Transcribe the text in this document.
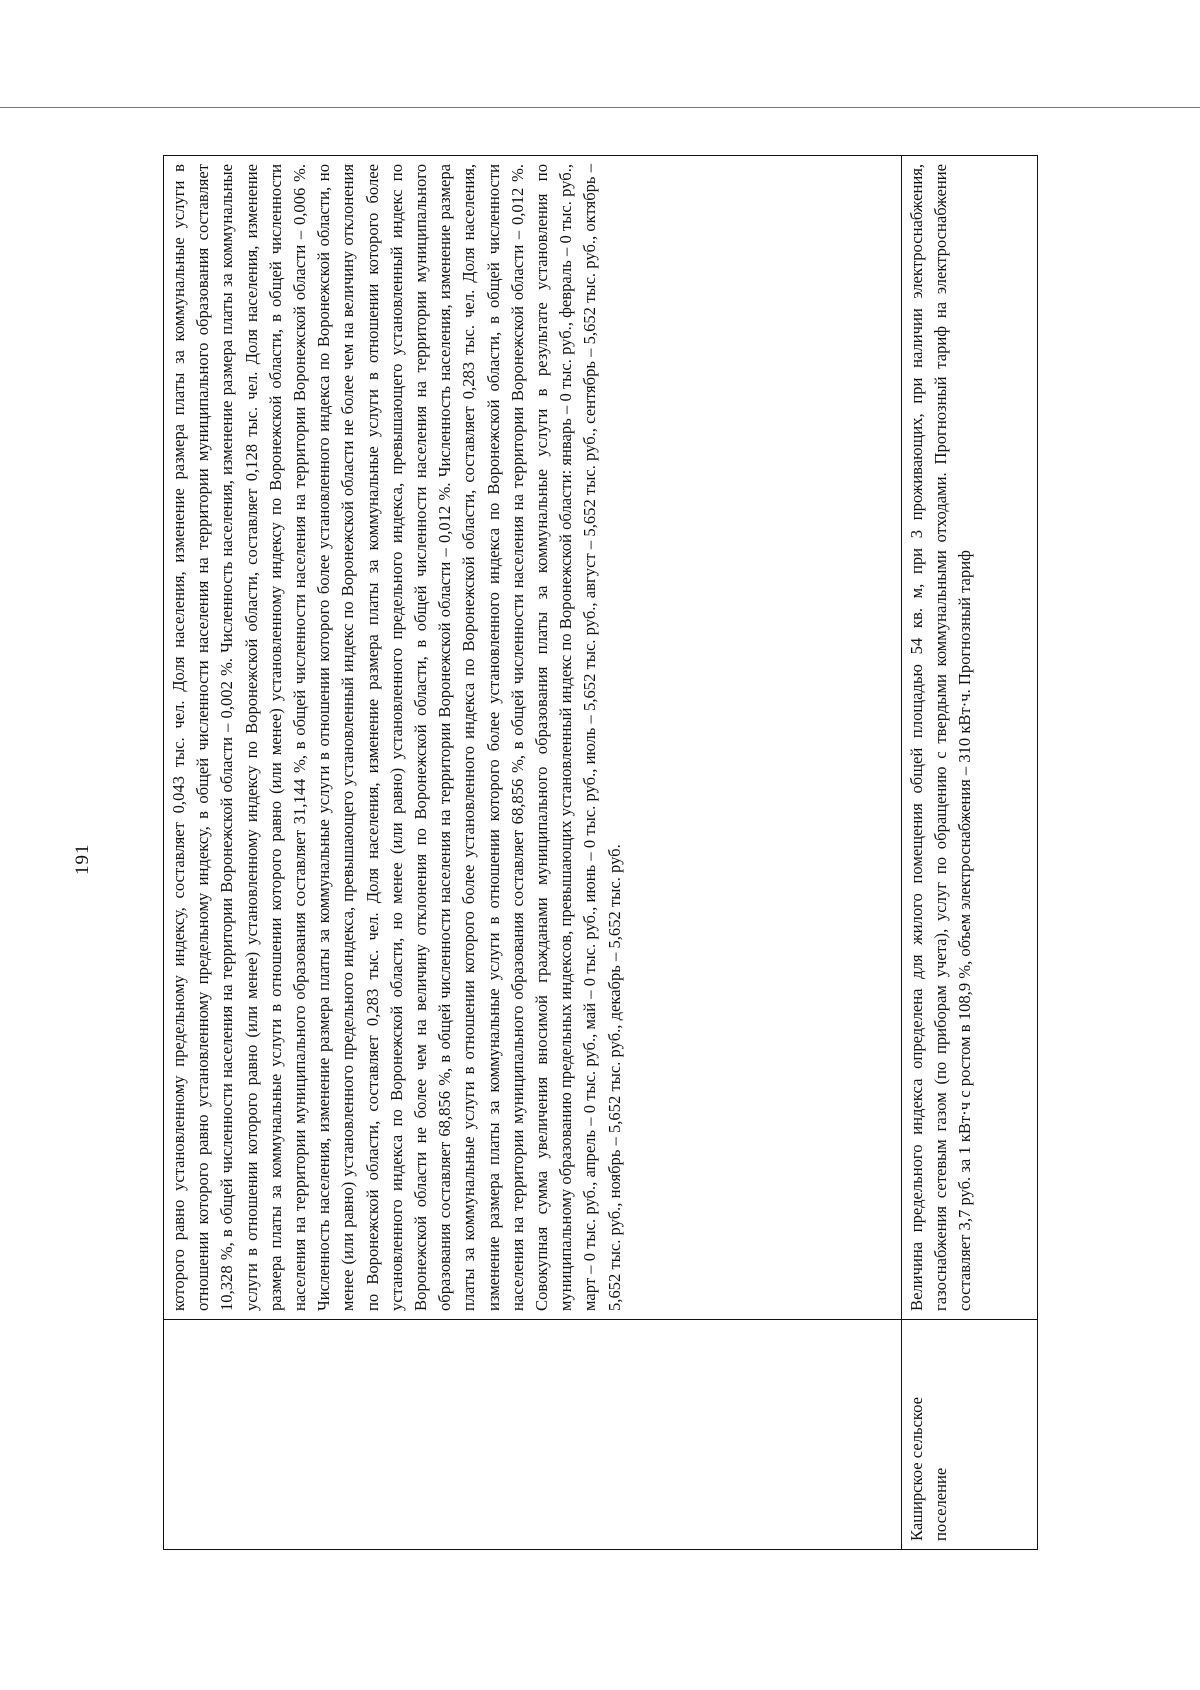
191
		которого равно установленному предельному индексу, составляет 0,043 тыс. чел. Доля населения, изменение размера платы за коммунальные услуги в отношении которого равно установленному предельному индексу, в общей численности населения на территории муниципального образования составляет 10,328 %, в общей численности населения на территории Воронежской области – 0,002 %. Численность населения, изменение размера платы за коммунальные услуги в отношении которого равно (или менее) установленному индексу по Воронежской области, составляет 0,128 тыс. чел. Доля населения, изменение размера платы за коммунальные услуги в отношении которого равно (или менее) установленному индексу по Воронежской области, в общей численности населения на территории муниципального образования составляет 31,144 %, в общей численности населения на территории Воронежской области – 0,006 %. Численность населения, изменение размера платы за коммунальные услуги в отношении которого более установленного индекса по Воронежской области, но менее (или равно) установленного предельного индекса, превышающего установленный индекс по Воронежской области не более чем на величину отклонения по Воронежской области, составляет 0,283 тыс. чел. Доля населения, изменение размера платы за коммунальные услуги в отношении которого более установленного индекса по Воронежской области, но менее (или равно) установленного предельного индекса, превышающего установленный индекс по Воронежской области не более чем на величину отклонения по Воронежской области, в общей численности населения на территории муниципального образования составляет 68,856 %, в общей численности населения на территории Воронежской области – 0,012 %. Численность населения, изменение размера платы за коммунальные услуги в отношении которого более установленного индекса по Воронежской области, составляет 0,283 тыс. чел. Доля населения, изменение размера платы за коммунальные услуги в отношении которого более установленного индекса по Воронежской области, в общей численности населения на территории муниципального образования составляет 68,856 %, в общей численности населения на территории Воронежской области – 0,012 %. Совокупная сумма увеличения вносимой гражданами муниципального образования платы за коммунальные услуги в результате установления по муниципальному образованию предельных индексов, превышающих установленный индекс по Воронежской области: январь – 0 тыс. руб., февраль – 0 тыс. руб., март – 0 тыс. руб., апрель – 0 тыс. руб., май – 0 тыс. руб., июнь – 0 тыс. руб., июль – 5,652 тыс. руб., август – 5,652 тыс. руб., сентябрь – 5,652 тыс. руб., октябрь – 5,652 тыс. руб., ноябрь – 5,652 тыс. руб., декабрь – 5,652 тыс. руб.
Каширское сельское поселение	Величина предельного индекса определена для жилого помещения общей площадью 54 кв. м, при 3 проживающих, при наличии электроснабжения, газоснабжения сетевым газом (по приборам учета), услуг по обращению с твердыми коммунальными отходами. Прогнозный тариф на электроснабжение составляет 3,7 руб. за 1 кВт·ч с ростом в 108,9 %, объем электроснабжения – 310 кВт·ч. Прогнозный тариф
